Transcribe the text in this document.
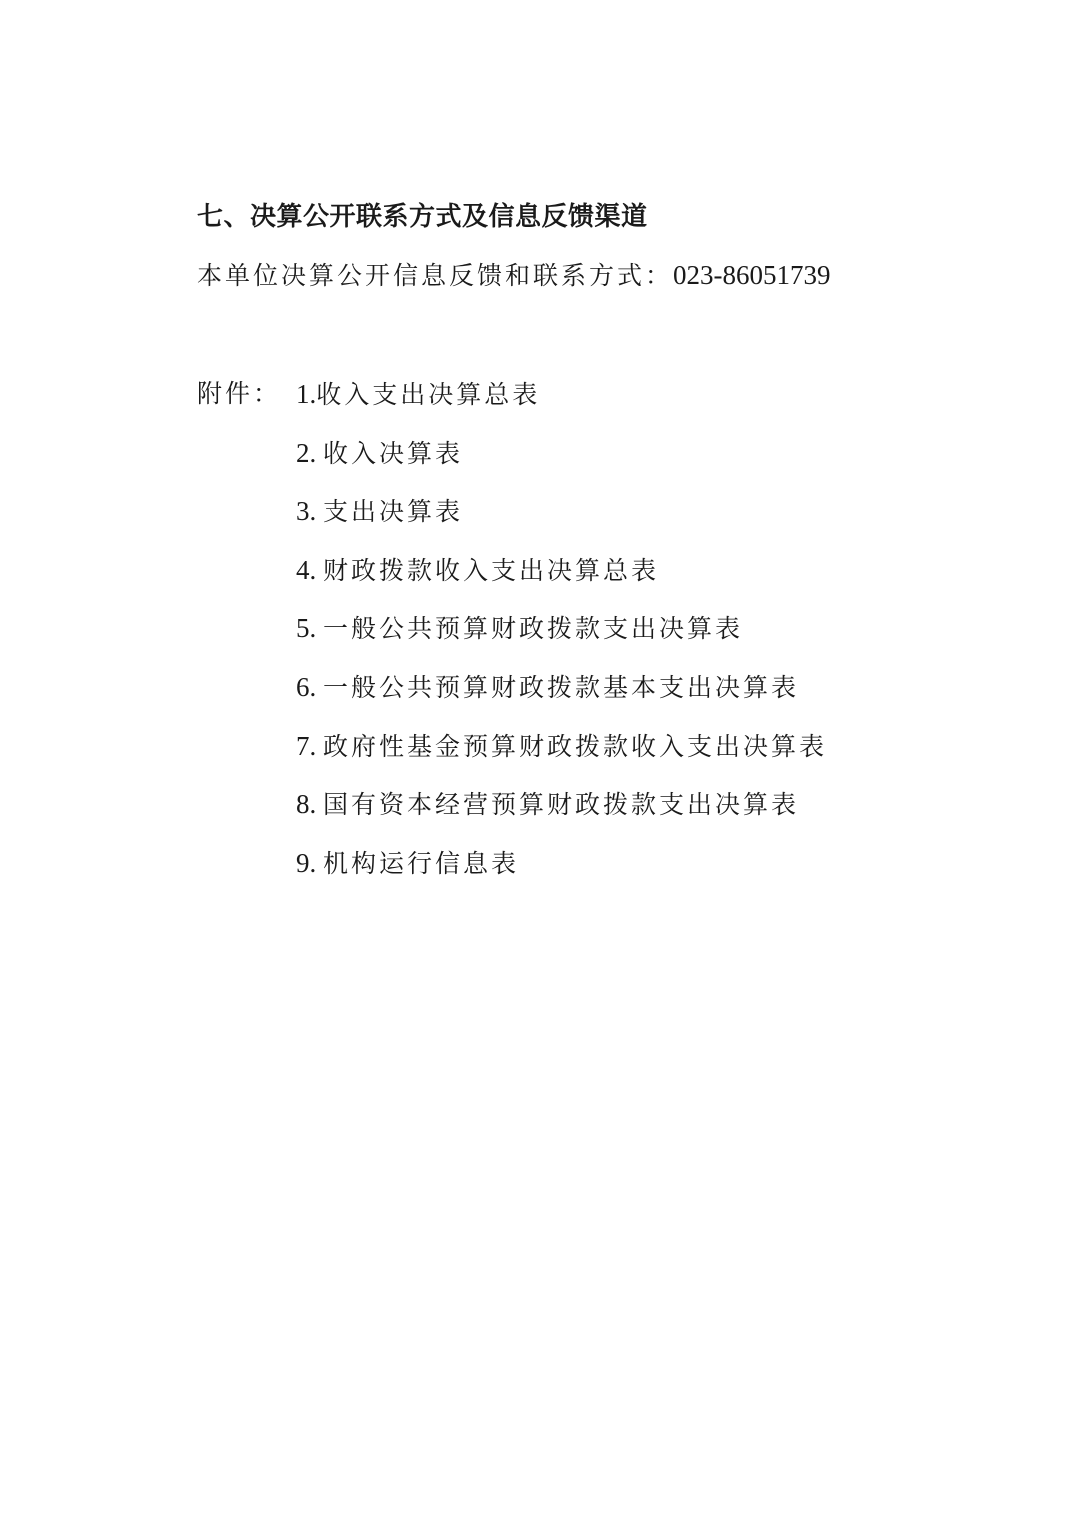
七、决算公开联系方式及信息反馈渠道
本单位决算公开信息反馈和联系方式：023-86051739
附件： 1.收入支出决算总表
2. 收入决算表
3. 支出决算表
4. 财政拨款收入支出决算总表
5. 一般公共预算财政拨款支出决算表
6. 一般公共预算财政拨款基本支出决算表
7. 政府性基金预算财政拨款收入支出决算表
8. 国有资本经营预算财政拨款支出决算表
9. 机构运行信息表
